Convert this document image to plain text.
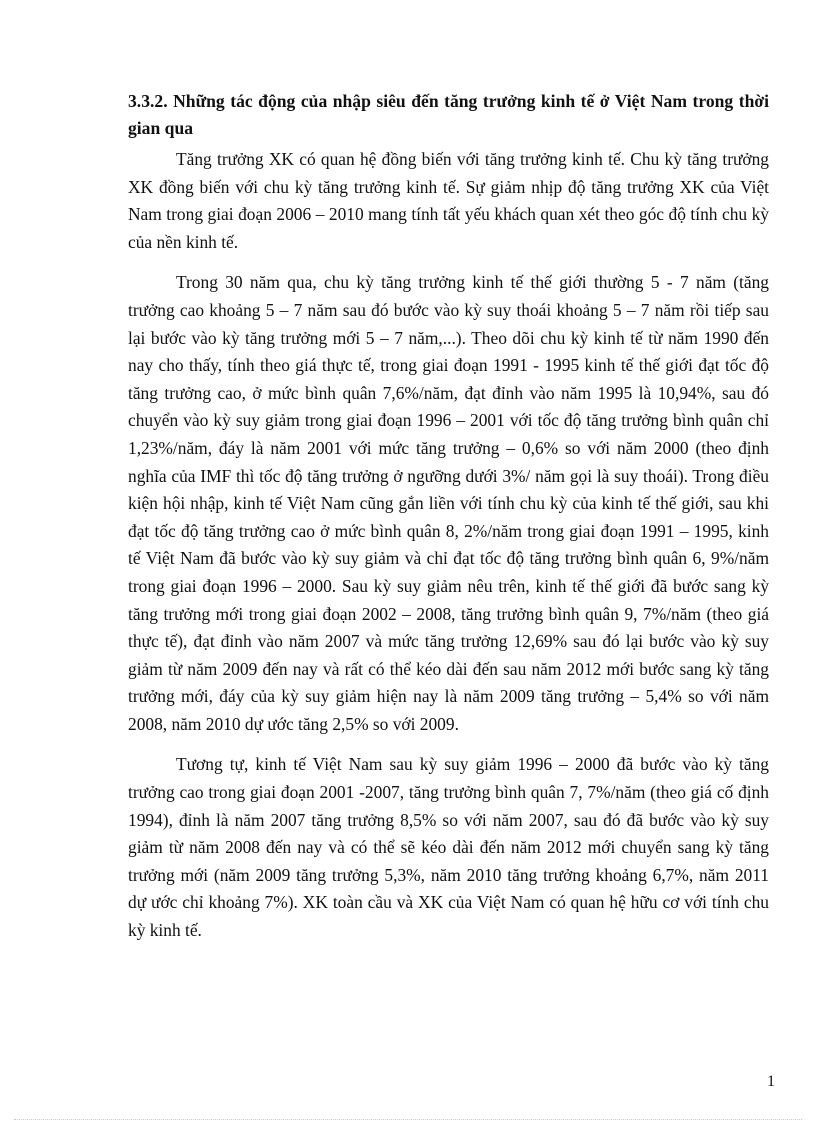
3.3.2. Những tác động của nhập siêu đến tăng trưởng kinh tế ở Việt Nam trong thời gian qua

Tăng trưởng XK có quan hệ đồng biến với tăng trưởng kinh tế. Chu kỳ tăng trưởng XK đồng biến với chu kỳ tăng trưởng kinh tế. Sự giảm nhịp độ tăng trưởng XK của Việt Nam trong giai đoạn 2006 – 2010 mang tính tất yếu khách quan xét theo góc độ tính chu kỳ của nền kinh tế.

Trong 30 năm qua, chu kỳ tăng trưởng kinh tế thế giới thường 5 - 7 năm (tăng trưởng cao khoảng 5 – 7 năm sau đó bước vào kỳ suy thoái khoảng 5 – 7 năm rồi tiếp sau lại bước vào kỳ tăng trưởng mới 5 – 7 năm,...). Theo dõi chu kỳ kinh tế từ năm 1990 đến nay cho thấy, tính theo giá thực tế, trong giai đoạn 1991 - 1995 kinh tế thế giới đạt tốc độ tăng trưởng cao, ở mức bình quân 7,6%/năm, đạt đỉnh vào năm 1995 là 10,94%, sau đó chuyển vào kỳ suy giảm trong giai đoạn 1996 – 2001 với tốc độ tăng trưởng bình quân chỉ 1,23%/năm, đáy là năm 2001 với mức tăng trưởng – 0,6% so với năm 2000 (theo định nghĩa của IMF thì tốc độ tăng trưởng ở ngưỡng dưới 3%/ năm gọi là suy thoái). Trong điều kiện hội nhập, kinh tế Việt Nam cũng gắn liền với tính chu kỳ của kinh tế thế giới, sau khi đạt tốc độ tăng trưởng cao ở mức bình quân 8, 2%/năm trong giai đoạn 1991 – 1995, kinh tế Việt Nam đã bước vào kỳ suy giảm và chỉ đạt tốc độ tăng trưởng bình quân 6, 9%/năm trong giai đoạn 1996 – 2000. Sau kỳ suy giảm nêu trên, kinh tế thế giới đã bước sang kỳ tăng trưởng mới trong giai đoạn 2002 – 2008, tăng trưởng bình quân 9, 7%/năm (theo giá thực tế), đạt đỉnh vào năm 2007 và mức tăng trưởng 12,69% sau đó lại bước vào kỳ suy giảm từ năm 2009 đến nay và rất có thể kéo dài đến sau năm 2012 mới bước sang kỳ tăng trưởng mới, đáy của kỳ suy giảm hiện nay là năm 2009 tăng trưởng – 5,4% so với năm 2008, năm 2010 dự ước tăng 2,5% so với 2009.

Tương tự, kinh tế Việt Nam sau kỳ suy giảm 1996 – 2000 đã bước vào kỳ tăng trưởng cao trong giai đoạn 2001 -2007, tăng trưởng bình quân 7, 7%/năm (theo giá cố định 1994), đỉnh là năm 2007 tăng trưởng 8,5% so với năm 2007, sau đó đã bước vào kỳ suy giảm từ năm 2008 đến nay và có thể sẽ kéo dài đến năm 2012 mới chuyển sang kỳ tăng trưởng mới (năm 2009 tăng trưởng 5,3%, năm 2010 tăng trưởng khoảng 6,7%, năm 2011 dự ước chỉ khoảng 7%). XK toàn cầu và XK của Việt Nam có quan hệ hữu cơ với tính chu kỳ kinh tế.

1
